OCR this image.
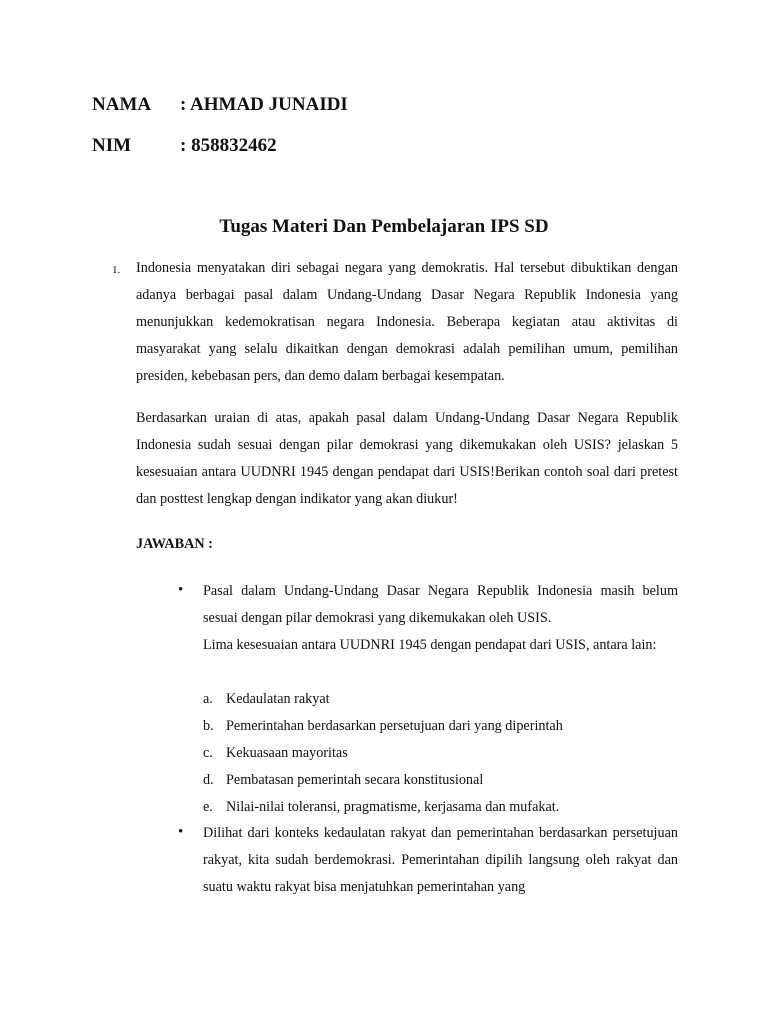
NAMA : AHMAD JUNAIDI
NIM	: 858832462
Tugas Materi Dan Pembelajaran IPS SD
1. Indonesia menyatakan diri sebagai negara yang demokratis. Hal tersebut dibuktikan dengan adanya berbagai pasal dalam Undang-Undang Dasar Negara Republik Indonesia yang menunjukkan kedemokratisan negara Indonesia. Beberapa kegiatan atau aktivitas di masyarakat yang selalu dikaitkan dengan demokrasi adalah pemilihan umum, pemilihan presiden, kebebasan pers, dan demo dalam berbagai kesempatan.
Berdasarkan uraian di atas, apakah pasal dalam Undang-Undang Dasar Negara Republik Indonesia sudah sesuai dengan pilar demokrasi yang dikemukakan oleh USIS? jelaskan 5 kesesuaian antara UUDNRI 1945 dengan pendapat dari USIS!Berikan contoh soal dari pretest dan posttest lengkap dengan indikator yang akan diukur!
JAWABAN :
• Pasal dalam Undang-Undang Dasar Negara Republik Indonesia masih belum sesuai dengan pilar demokrasi yang dikemukakan oleh USIS.
Lima kesesuaian antara UUDNRI 1945 dengan pendapat dari USIS, antara lain:
a. Kedaulatan rakyat
b. Pemerintahan berdasarkan persetujuan dari yang diperintah
c. Kekuasaan mayoritas
d. Pembatasan pemerintah secara konstitusional
e. Nilai-nilai toleransi, pragmatisme, kerjasama dan mufakat.
• Dilihat dari konteks kedaulatan rakyat dan pemerintahan berdasarkan persetujuan rakyat, kita sudah berdemokrasi. Pemerintahan dipilih langsung oleh rakyat dan suatu waktu rakyat bisa menjatuhkan pemerintahan yang
